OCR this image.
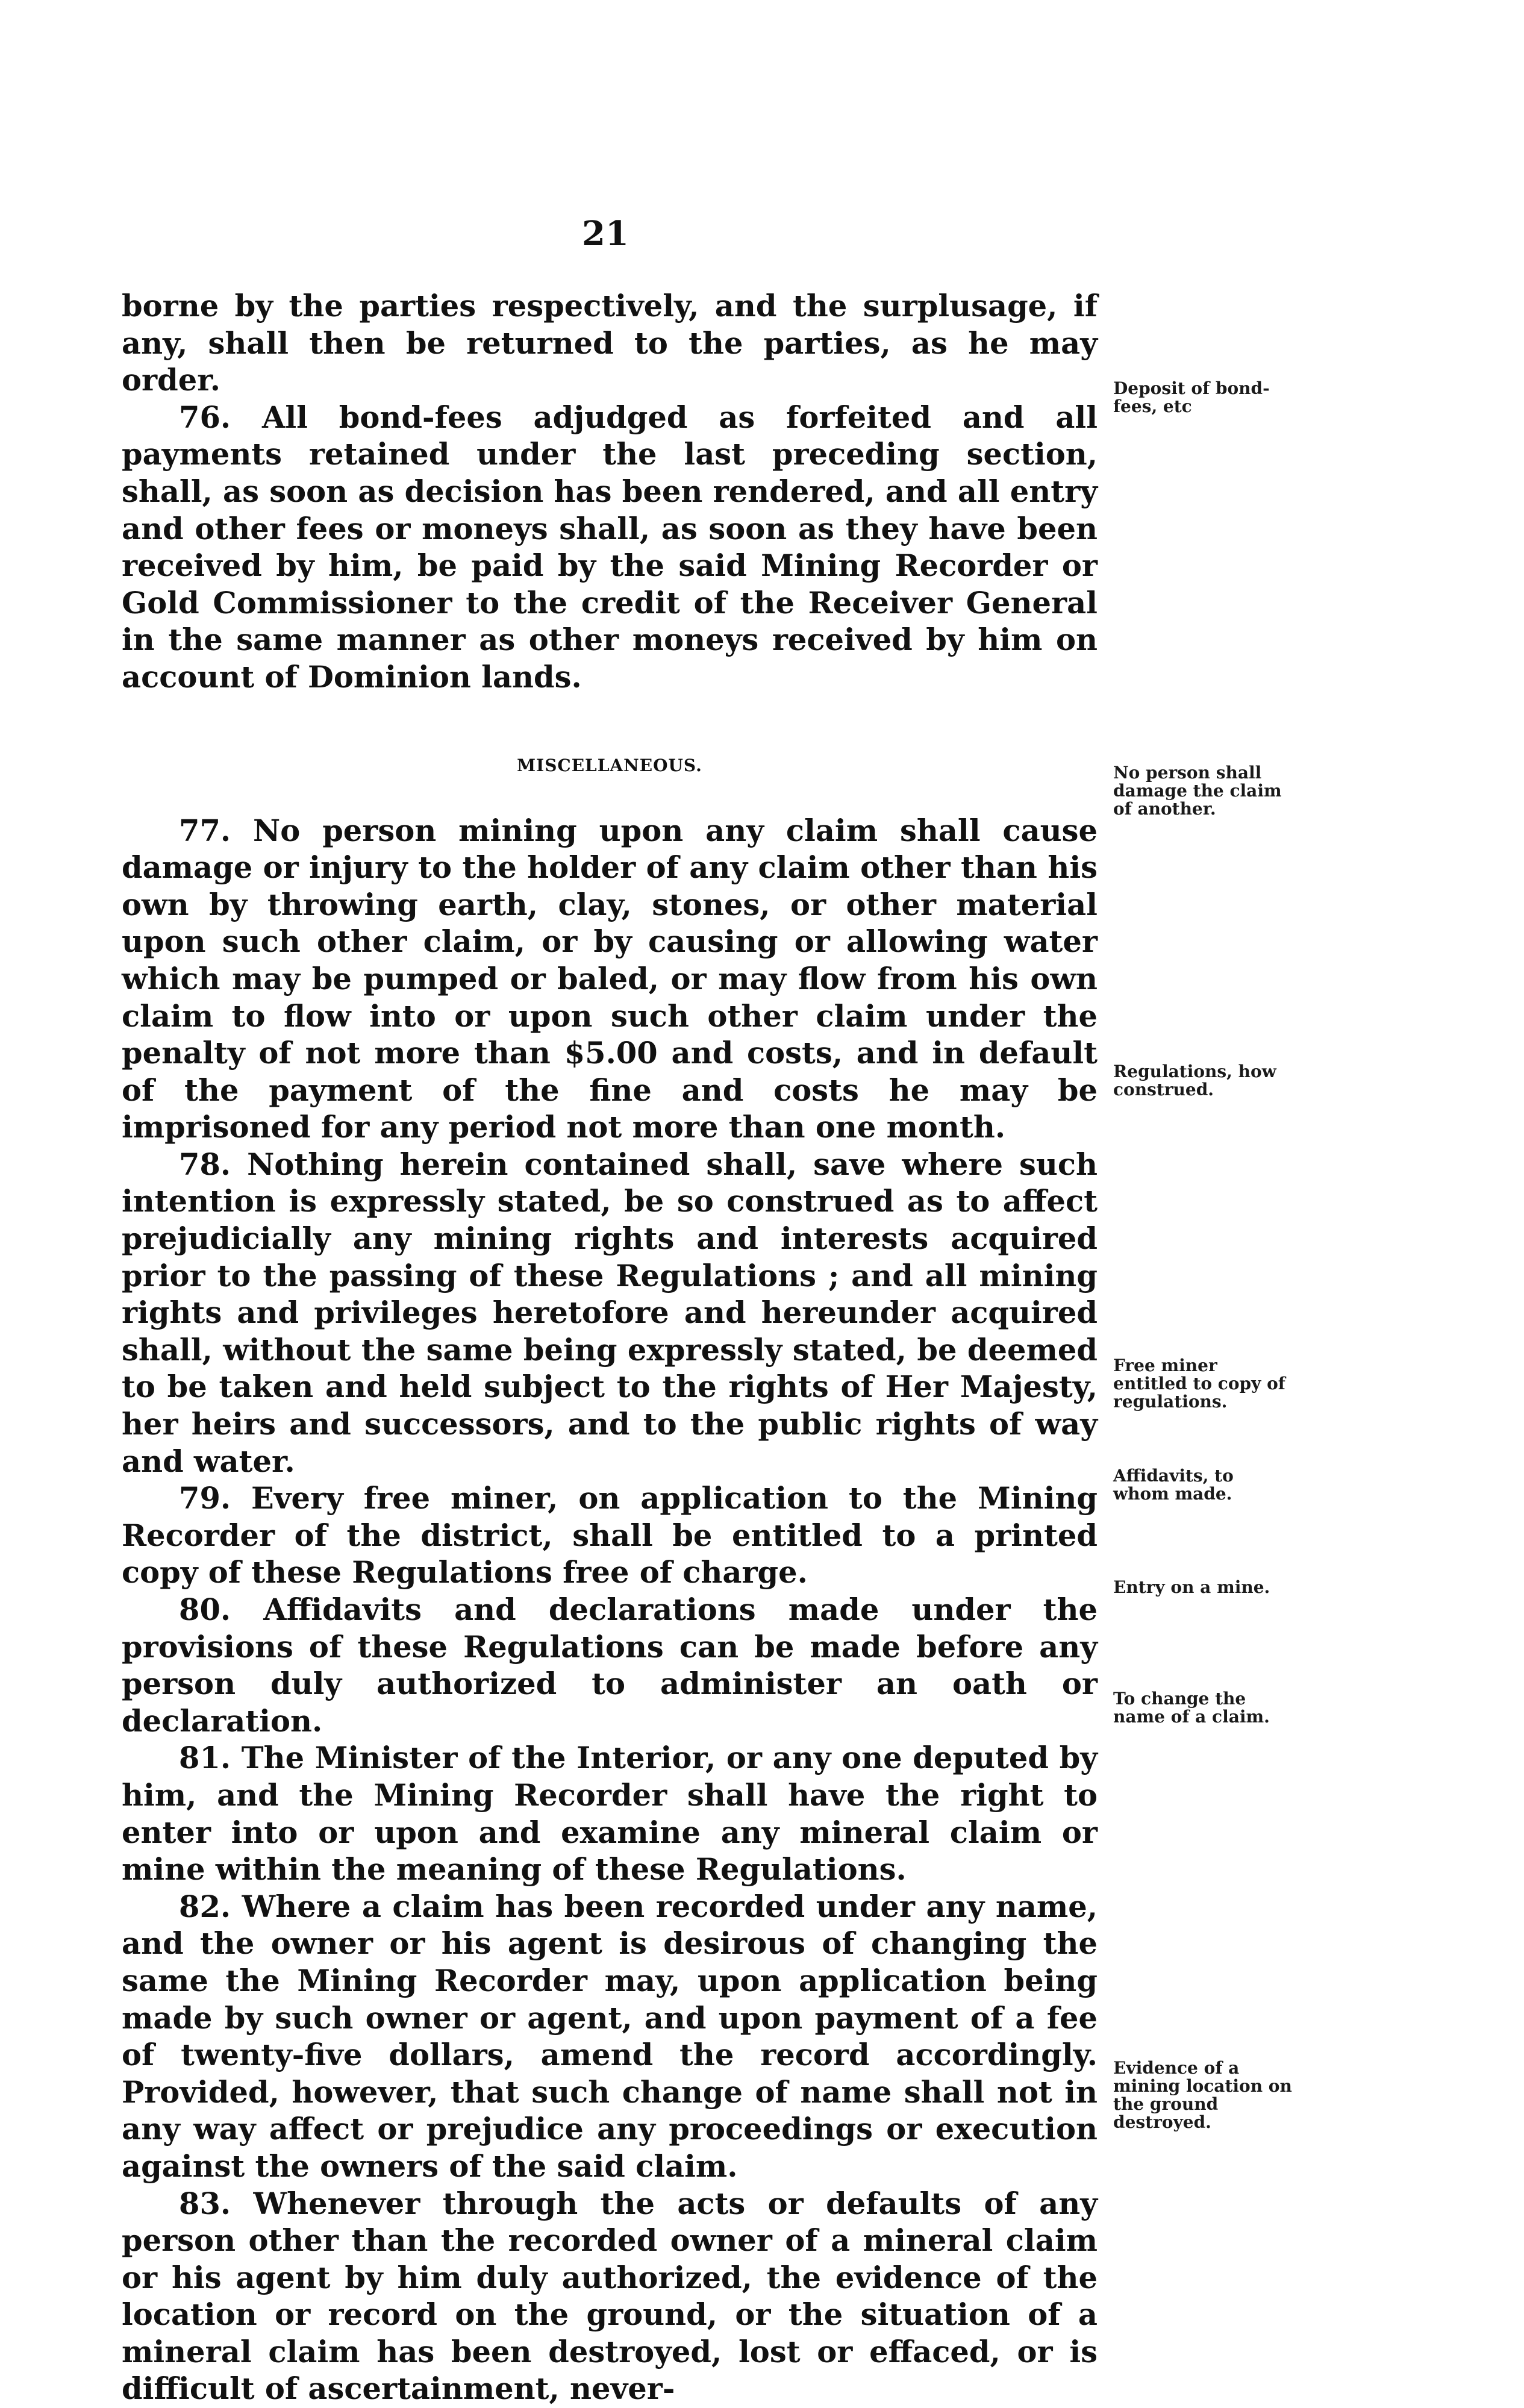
21

borne by the parties respectively, and the surplusage, if any, shall then be returned to the parties, as he may order.

76. All bond-fees adjudged as forfeited and all payments retained under the last preceding section, shall, as soon as decision has been rendered, and all entry and other fees or moneys shall, as soon as they have been received by him, be paid by the said Mining Recorder or Gold Commissioner to the credit of the Receiver General in the same manner as other moneys received by him on account of Dominion lands.

MISCELLANEOUS.

77. No person mining upon any claim shall cause damage or injury to the holder of any claim other than his own by throwing earth, clay, stones, or other material upon such other claim, or by causing or allowing water which may be pumped or baled, or may flow from his own claim to flow into or upon such other claim under the penalty of not more than $5.00 and costs, and in default of the payment of the fine and costs he may be imprisoned for any period not more than one month.

78. Nothing herein contained shall, save where such intention is expressly stated, be so construed as to affect prejudicially any mining rights and interests acquired prior to the passing of these Regulations ; and all mining rights and privileges heretofore and hereunder acquired shall, without the same being expressly stated, be deemed to be taken and held subject to the rights of Her Majesty, her heirs and successors, and to the public rights of way and water.

79. Every free miner, on application to the Mining Recorder of the district, shall be entitled to a printed copy of these Regulations free of charge.

80. Affidavits and declarations made under the provisions of these Regulations can be made before any person duly authorized to administer an oath or declaration.

81. The Minister of the Interior, or any one deputed by him, and the Mining Recorder shall have the right to enter into or upon and examine any mineral claim or mine within the meaning of these Regulations.

82. Where a claim has been recorded under any name, and the owner or his agent is desirous of changing the same the Mining Recorder may, upon application being made by such owner or agent, and upon payment of a fee of twenty-five dollars, amend the record accordingly. Provided, however, that such change of name shall not in any way affect or prejudice any proceedings or execution against the owners of the said claim.

83. Whenever through the acts or defaults of any person other than the recorded owner of a mineral claim or his agent by him duly authorized, the evidence of the location or record on the ground, or the situation of a mineral claim has been destroyed, lost or effaced, or is difficult of ascertainment, never-

Deposit of bond-fees, etc
No person shall damage the claim of another.
Regulations, how construed.
Free miner entitled to copy of regulations.
Affidavits, to whom made.
Entry on a mine.
To change the name of a claim.
Evidence of a mining location on the ground destroyed.
